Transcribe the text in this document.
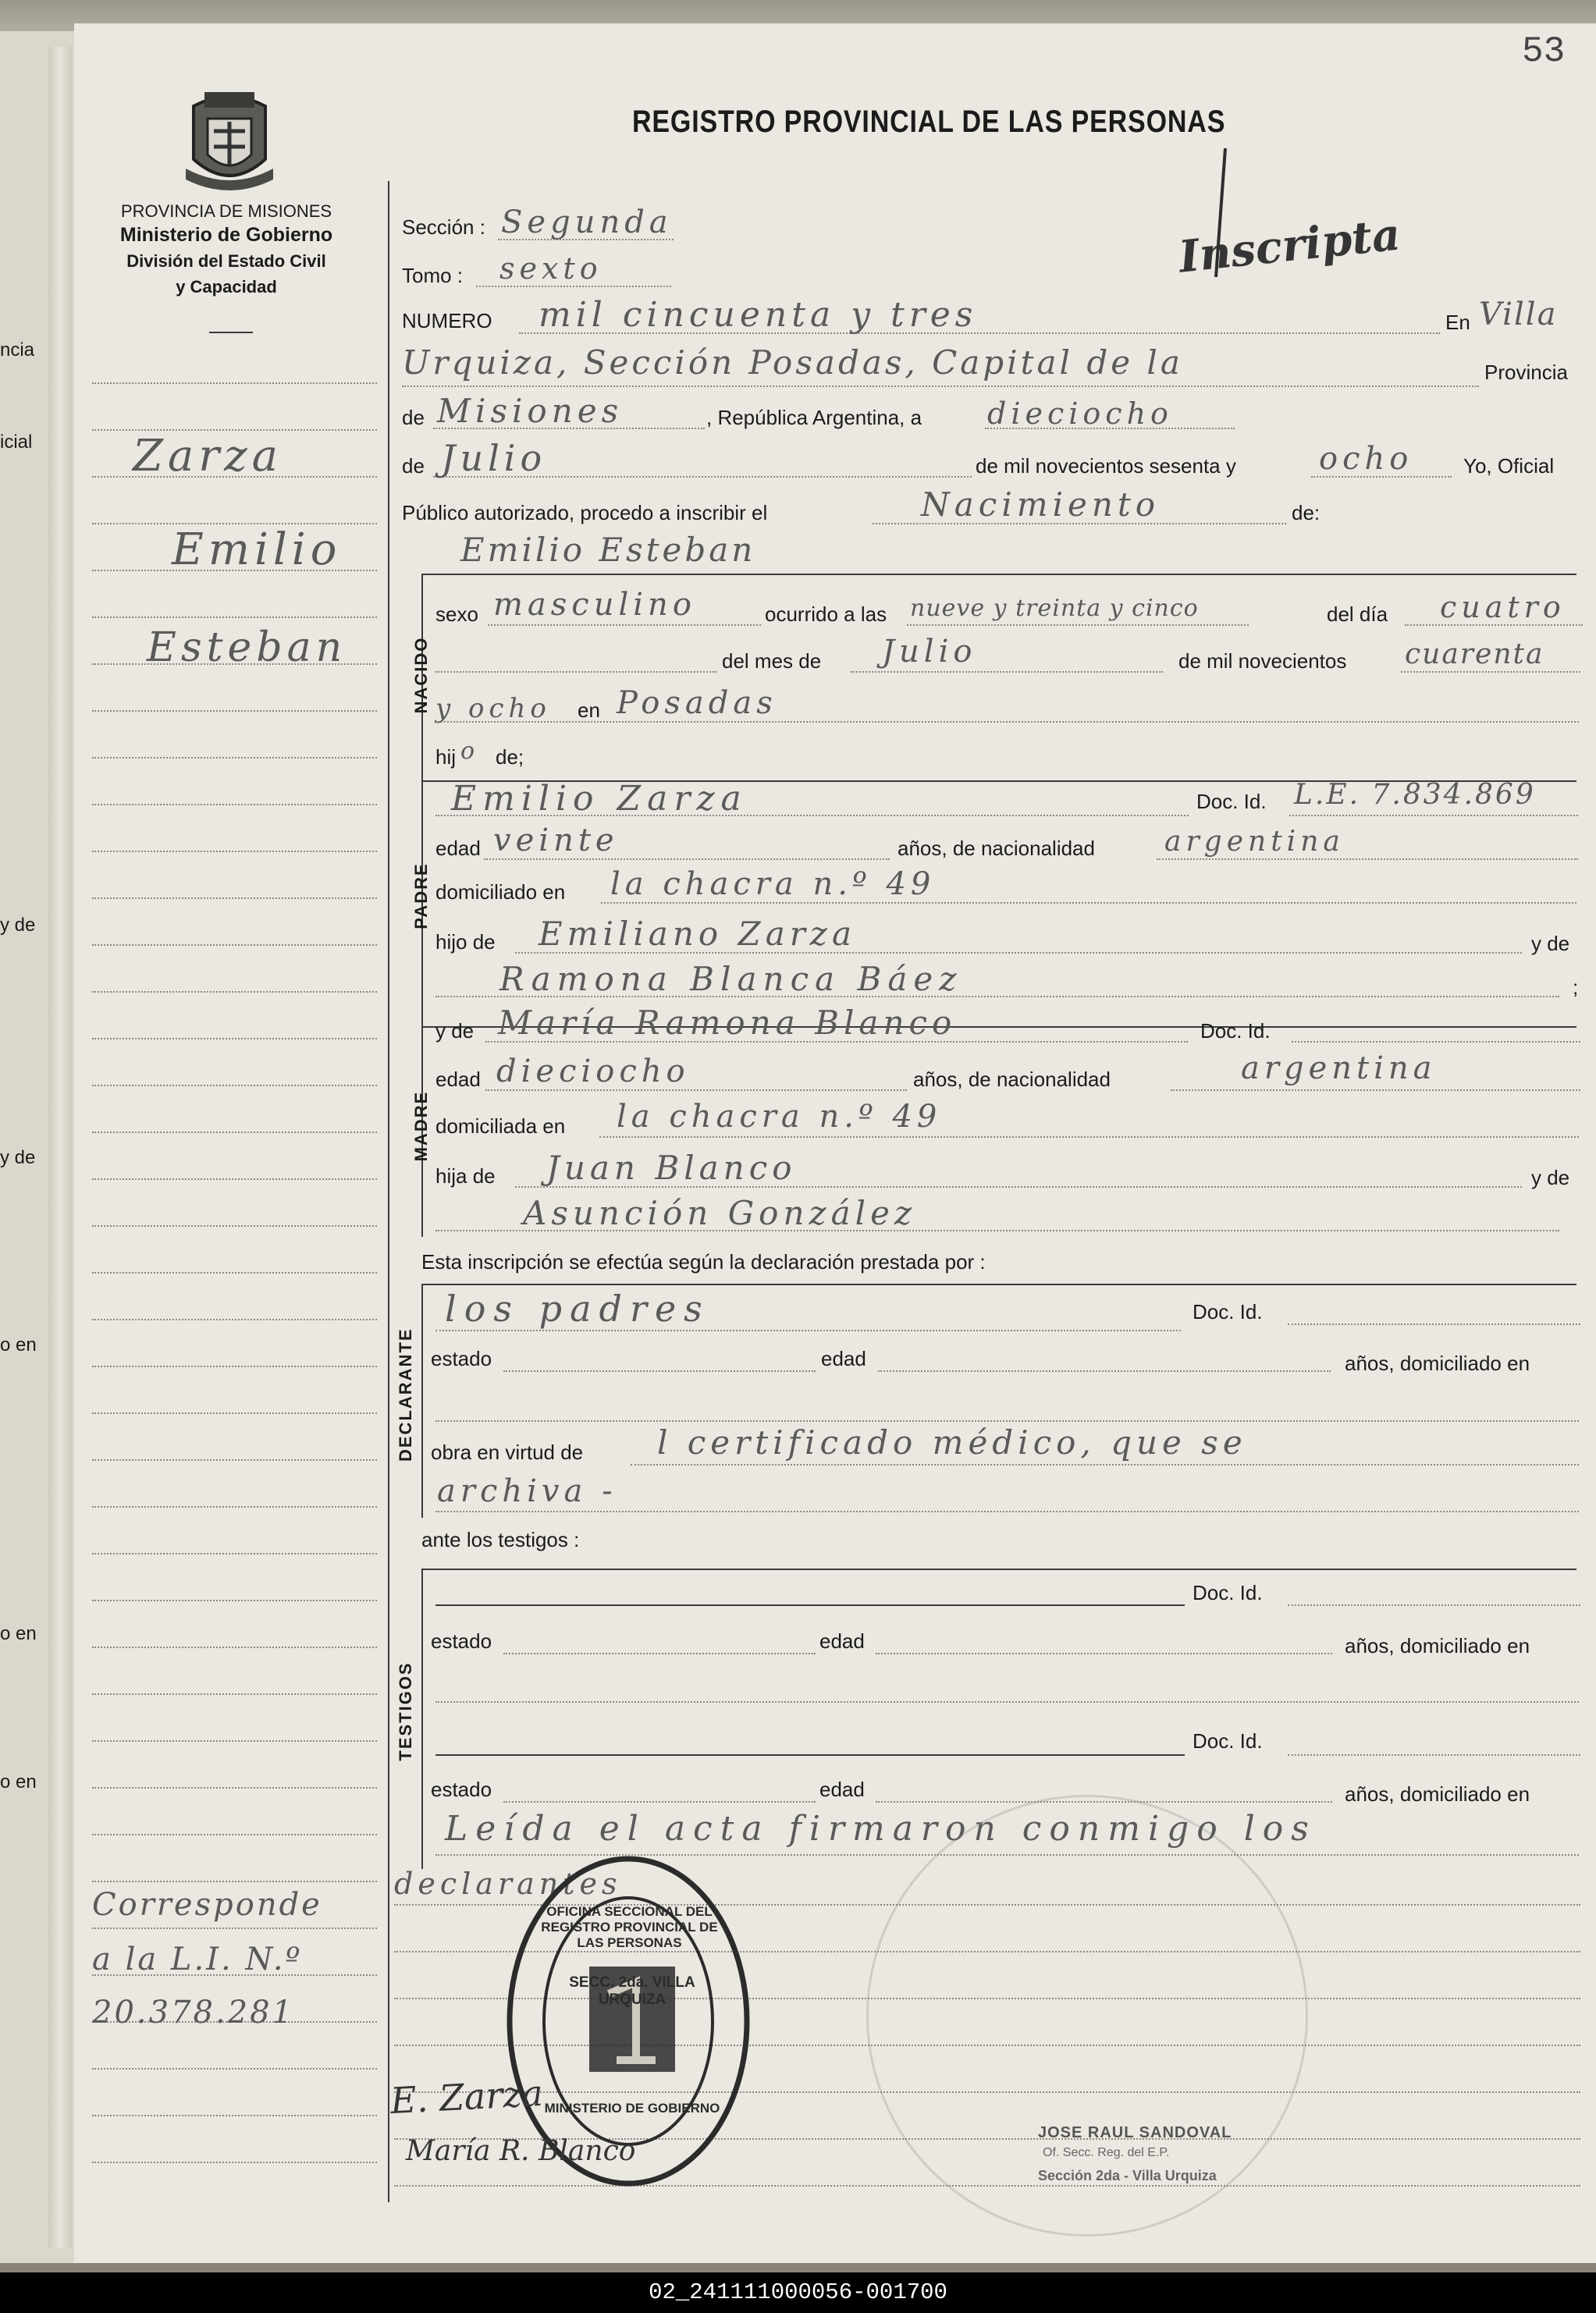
ncia
icial
y de
y de
o en
o en
o en
53
REGISTRO PROVINCIAL DE LAS PERSONAS
PROVINCIA DE MISIONES
Ministerio de Gobierno
División del Estado Civil
y Capacidad
Zarza
Emilio
Esteban
Corresponde
a la L.I. N.º
20.378.281
Sección : Segunda
Tomo : sexto	Inscripta
NUMERO mil cincuenta y tres	En Villa
Urquiza, Sección Posadas, Capital de la	Provincia
de Misiones	, República Argentina, a dieciocho
de Julio	de mil novecientos sesenta y	ocho Yo, Oficial
Público autorizado, procedo a inscribir el	Nacimiento	de:
Emilio Esteban
NACIDO
sexo masculino	ocurrido a las nueve y treinta y cinco	del día cuatro
del mes de Julio	de mil novecientos cuarenta
y ocho en Posadas
hij o de;
PADRE
Emilio Zarza	Doc. Id. L.E. 7.834.869
edad veinte	años, de nacionalidad argentina
domiciliado en la chacra n.º 49
hijo de Emiliano Zarza	y de
Ramona Blanca Báez	;
MADRE
y de María Ramona Blanco	Doc. Id.
edad dieciocho	años, de nacionalidad	argentina
domiciliada en la chacra n.º 49
hija de Juan Blanco	y de
Asunción González
Esta inscripción se efectúa según la declaración prestada por :
DECLARANTE
los padres	Doc. Id.
estado	edad	años, domiciliado en
obra en virtud de l certificado médico, que se
archiva -
ante los testigos :
TESTIGOS
Doc. Id.
estado	edad	años, domiciliado en
Doc. Id.
estado	edad	años, domiciliado en
Leída el acta firmaron conmigo los
declarantes
OFICINA SECCIONAL DEL REGISTRO PROVINCIAL DE LAS PERSONAS
SECC. 2da. VILLA URQUIZA
MINISTERIO DE GOBIERNO
E. Zarza
María R. Blanco
JOSE RAUL SANDOVAL
Of. Secc. Reg. del E.P.
Sección 2da - Villa Urquiza
02_241111000056-001700
